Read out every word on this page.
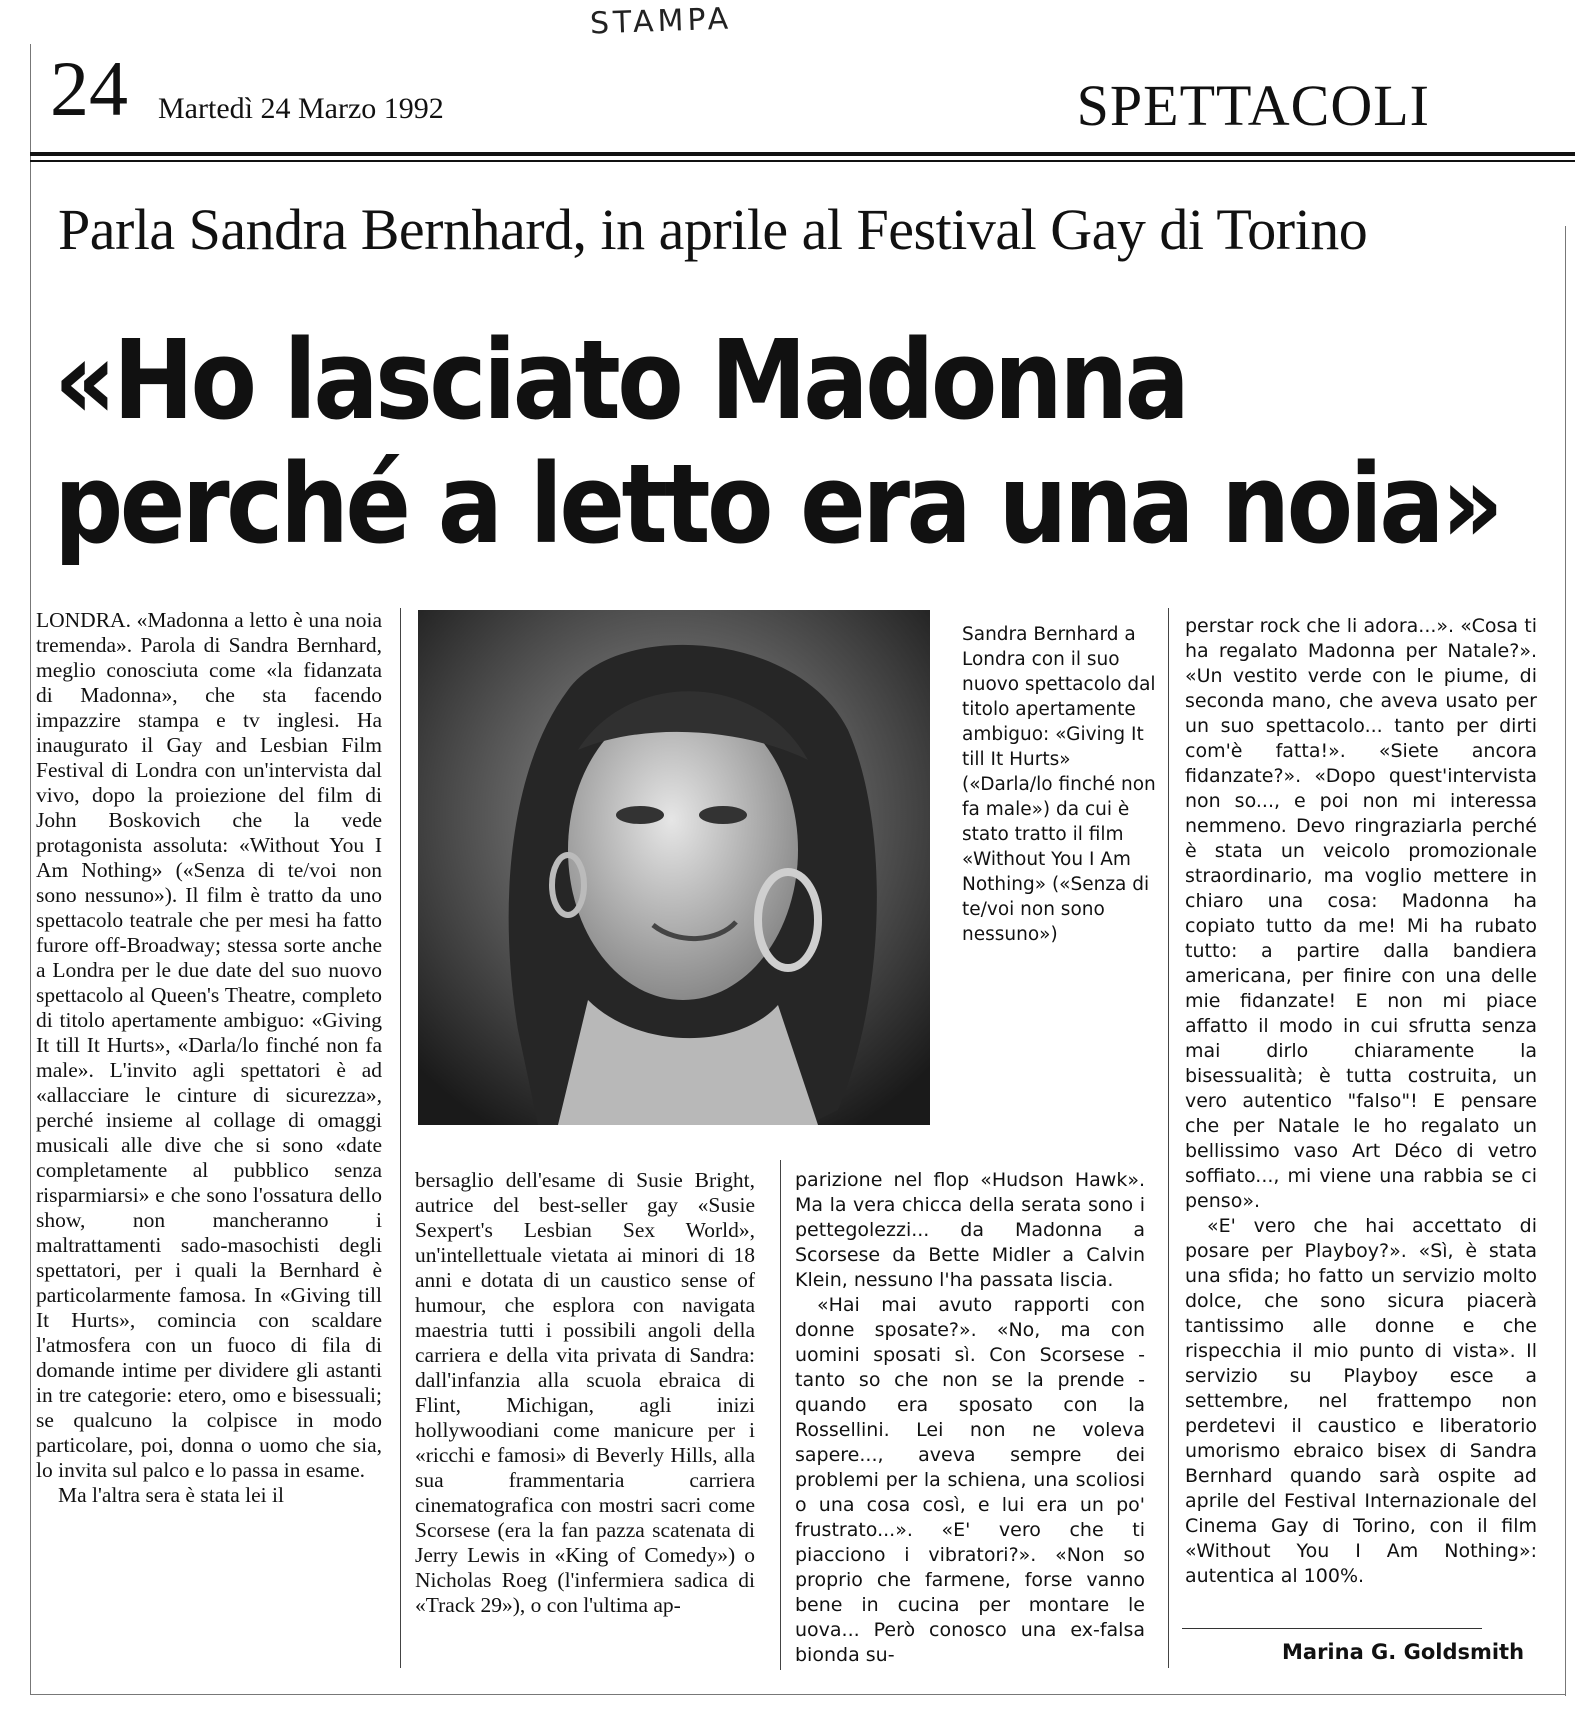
STAMPA
24 Martedì 24 Marzo 1992	SPETTACOLI
Parla Sandra Bernhard, in aprile al Festival Gay di Torino
«Ho lasciato Madonna
perché a letto era una noia»

LONDRA. «Madonna a letto è una noia tremenda». Parola di Sandra Bernhard, meglio conosciuta come «la fidanzata di Madonna», che sta facendo impazzire stampa e tv inglesi. Ha inaugurato il Gay and Lesbian Film Festival di Londra con un'intervista dal vivo, dopo la proiezione del film di John Boskovich che la vede protagonista assoluta: «Without You I Am Nothing» («Senza di te/voi non sono nessuno»). Il film è tratto da uno spettacolo teatrale che per mesi ha fatto furore off-Broadway; stessa sorte anche a Londra per le due date del suo nuovo spettacolo al Queen's Theatre, completo di titolo apertamente ambiguo: «Giving It till It Hurts», «Darla/lo finché non fa male». L'invito agli spettatori è ad «allacciare le cinture di sicurezza», perché insieme al collage di omaggi musicali alle dive che si sono «date completamente al pubblico senza risparmiarsi» e che sono l'ossatura dello show, non mancheranno i maltrattamenti sado-masochisti degli spettatori, per i quali la Bernhard è particolarmente famosa. In «Giving till It Hurts», comincia con scaldare l'atmosfera con un fuoco di fila di domande intime per dividere gli astanti in tre categorie: etero, omo e bisessuali; se qualcuno la colpisce in modo particolare, poi, donna o uomo che sia, lo invita sul palco e lo passa in esame.

Ma l'altra sera è stata lei il

Sandra Bernhard a Londra con il suo nuovo spettacolo dal titolo apertamente ambiguo: «Giving It till It Hurts» («Darla/lo finché non fa male») da cui è stato tratto il film «Without You I Am Nothing» («Senza di te/voi non sono nessuno»)

bersaglio dell'esame di Susie Bright, autrice del best-seller gay «Susie Sexpert's Lesbian Sex World», un'intellettuale vietata ai minori di 18 anni e dotata di un caustico sense of humour, che esplora con navigata maestria tutti i possibili angoli della carriera e della vita privata di Sandra: dall'infanzia alla scuola ebraica di Flint, Michigan, agli inizi hollywoodiani come manicure per i «ricchi e famosi» di Beverly Hills, alla sua frammentaria carriera cinematografica con mostri sacri come Scorsese (era la fan pazza scatenata di Jerry Lewis in «King of Comedy») o Nicholas Roeg (l'infermiera sadica di «Track 29»), o con l'ultima ap-

parizione nel flop «Hudson Hawk». Ma la vera chicca della serata sono i pettegolezzi... da Madonna a Scorsese da Bette Midler a Calvin Klein, nessuno l'ha passata liscia.

«Hai mai avuto rapporti con donne sposate?». «No, ma con uomini sposati sì. Con Scorsese - tanto so che non se la prende - quando era sposato con la Rossellini. Lei non ne voleva sapere..., aveva sempre dei problemi per la schiena, una scoliosi o una cosa così, e lui era un po' frustrato...». «E' vero che ti piacciono i vibratori?». «Non so proprio che farmene, forse vanno bene in cucina per montare le uova... Però conosco una ex-falsa bionda su-

perstar rock che li adora...». «Cosa ti ha regalato Madonna per Natale?». «Un vestito verde con le piume, di seconda mano, che aveva usato per un suo spettacolo... tanto per dirti com'è fatta!». «Siete ancora fidanzate?». «Dopo quest'intervista non so..., e poi non mi interessa nemmeno. Devo ringraziarla perché è stata un veicolo promozionale straordinario, ma voglio mettere in chiaro una cosa: Madonna ha copiato tutto da me! Mi ha rubato tutto: a partire dalla bandiera americana, per finire con una delle mie fidanzate! E non mi piace affatto il modo in cui sfrutta senza mai dirlo chiaramente la bisessualità; è tutta costruita, un vero autentico "falso"! E pensare che per Natale le ho regalato un bellissimo vaso Art Déco di vetro soffiato..., mi viene una rabbia se ci penso».

«E' vero che hai accettato di posare per Playboy?». «Sì, è stata una sfida; ho fatto un servizio molto dolce, che sono sicura piacerà tantissimo alle donne e che rispecchia il mio punto di vista». Il servizio su Playboy esce a settembre, nel frattempo non perdetevi il caustico e liberatorio umorismo ebraico bisex di Sandra Bernhard quando sarà ospite ad aprile del Festival Internazionale del Cinema Gay di Torino, con il film «Without You I Am Nothing»: autentica al 100%.

Marina G. Goldsmith
